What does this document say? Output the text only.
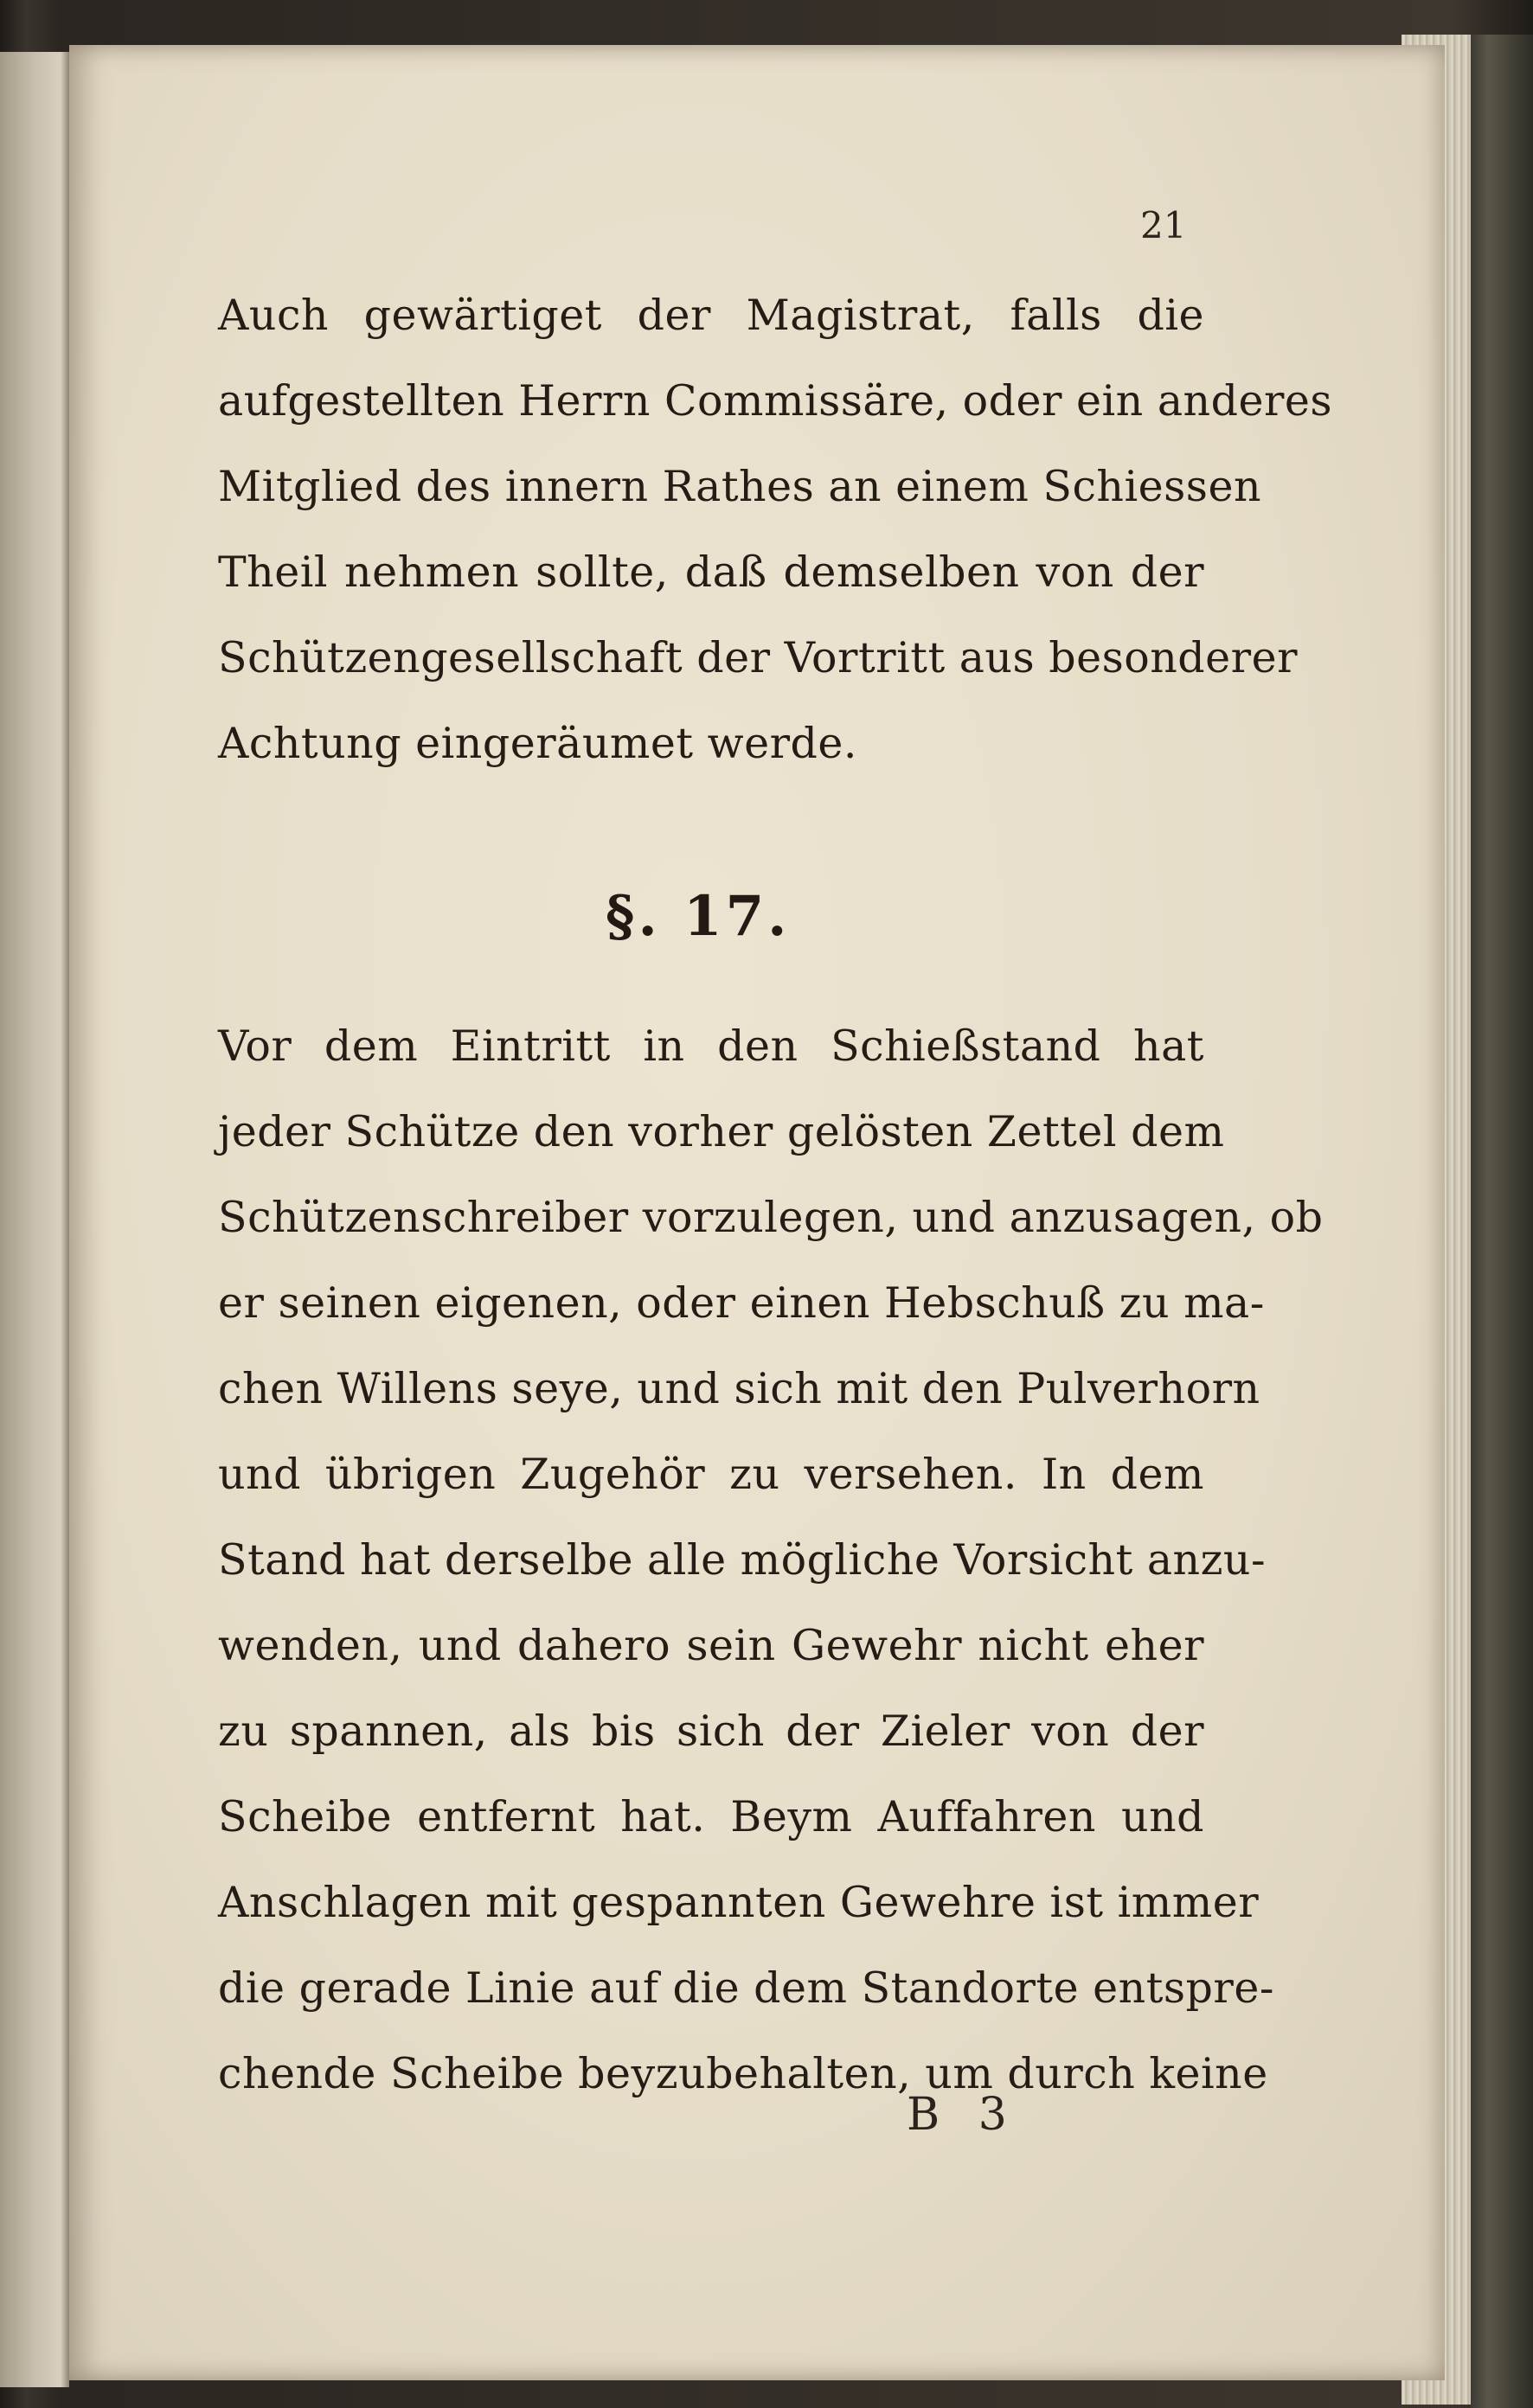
21
Auch gewärtiget der Magistrat, falls die
aufgestellten Herrn Commissäre, oder ein anderes
Mitglied des innern Rathes an einem Schiessen
Theil nehmen sollte, daß demselben von der
Schützengesellschaft der Vortritt aus besonderer
Achtung eingeräumet werde.
§. 17.
Vor dem Eintritt in den Schießstand hat
jeder Schütze den vorher gelösten Zettel dem
Schützenschreiber vorzulegen, und anzusagen, ob
er seinen eigenen, oder einen Hebschuß zu ma-
chen Willens seye, und sich mit den Pulverhorn
und übrigen Zugehör zu versehen. In dem
Stand hat derselbe alle mögliche Vorsicht anzu-
wenden, und dahero sein Gewehr nicht eher
zu spannen, als bis sich der Zieler von der
Scheibe entfernt hat. Beym Auffahren und
Anschlagen mit gespannten Gewehre ist immer
die gerade Linie auf die dem Standorte entspre-
chende Scheibe beyzubehalten, um durch keine
B 3
